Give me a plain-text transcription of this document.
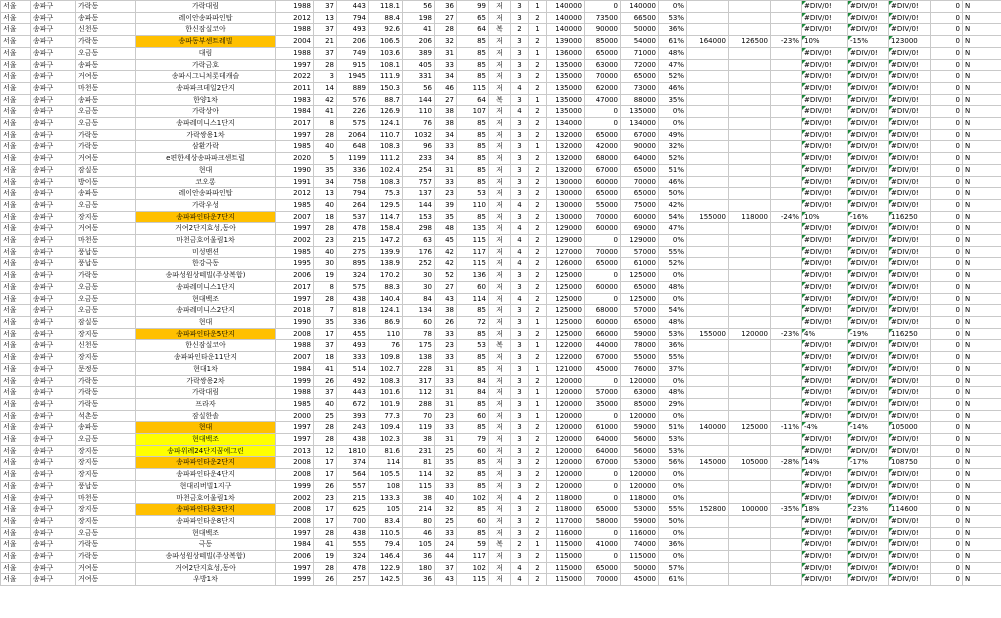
서울	송파구	가락동	가락대림	1988	37	443	118.1	56	36	99	저	3	1	140000	0	140000	0%				#DIV/0!	#DIV/0!	#DIV/0!	0	N
서울	송파구	송파동	레이안송파파인탑	2012	13	794	88.4	198	27	65	저	3	2	140000	73500	66500	53%				#DIV/0!	#DIV/0!	#DIV/0!	0	N
서울	송파구	신천동	한신잠실코아	1988	37	493	92.6	41	28	64	복	2	1	140000	90000	50000	36%				#DIV/0!	#DIV/0!	#DIV/0!	0	N
서울	송파구	가락동	송파동부센트레빌	2004	21	206	106.5	206	32	85	저	3	2	139000	85000	54000	61%	164000	126500	-23%	10%	-15%	123000	0	N
서울	송파구	오금동	대림	1988	37	749	103.6	389	31	85	저	3	1	136000	65000	71000	48%				#DIV/0!	#DIV/0!	#DIV/0!	0	N
서울	송파구	송파동	가락금호	1997	28	915	108.1	405	33	85	저	3	2	135000	63000	72000	47%				#DIV/0!	#DIV/0!	#DIV/0!	0	N
서울	송파구	거여동	송파시그니처롯데캐슬	2022	3	1945	111.9	331	34	85	저	3	2	135000	70000	65000	52%				#DIV/0!	#DIV/0!	#DIV/0!	0	N
서울	송파구	마천동	송파파크데일2단지	2011	14	889	150.3	56	46	115	저	4	2	135000	62000	73000	46%				#DIV/0!	#DIV/0!	#DIV/0!	0	N
서울	송파구	송파동	한양1차	1983	42	576	88.7	144	27	64	복	3	1	135000	47000	88000	35%				#DIV/0!	#DIV/0!	#DIV/0!	0	N
서울	송파구	오금동	가락상아	1984	41	226	126.9	110	38	107	저	4	2	135000	0	135000	0%				#DIV/0!	#DIV/0!	#DIV/0!	0	N
서울	송파구	오금동	송파레미니스1단지	2017	8	575	124.1	76	38	85	저	3	2	134000	0	134000	0%				#DIV/0!	#DIV/0!	#DIV/0!	0	N
서울	송파구	가락동	가락쌍용1차	1997	28	2064	110.7	1032	34	85	저	3	2	132000	65000	67000	49%				#DIV/0!	#DIV/0!	#DIV/0!	0	N
서울	송파구	가락동	삼환가락	1985	40	648	108.3	96	33	85	저	3	1	132000	42000	90000	32%				#DIV/0!	#DIV/0!	#DIV/0!	0	N
서울	송파구	거여동	e편한세상송파파크센트럴	2020	5	1199	111.2	233	34	85	저	3	2	132000	68000	64000	52%				#DIV/0!	#DIV/0!	#DIV/0!	0	N
서울	송파구	잠실동	현대	1990	35	336	102.4	254	31	85	저	3	2	132000	67000	65000	51%				#DIV/0!	#DIV/0!	#DIV/0!	0	N
서울	송파구	방이동	코오롱	1991	34	758	108.3	757	33	85	저	3	2	130000	60000	70000	46%				#DIV/0!	#DIV/0!	#DIV/0!	0	N
서울	송파구	송파동	레이안송파파인탑	2012	13	794	75.3	137	23	53	저	3	2	130000	65000	65000	50%				#DIV/0!	#DIV/0!	#DIV/0!	0	N
서울	송파구	오금동	가락우성	1985	40	264	129.5	144	39	110	저	4	2	130000	55000	75000	42%				#DIV/0!	#DIV/0!	#DIV/0!	0	N
서울	송파구	장지동	송파파인타운7단지	2007	18	537	114.7	153	35	85	저	3	2	130000	70000	60000	54%	155000	118000	-24%	10%	-16%	116250	0	N
서울	송파구	거여동	거여2단지효성,동아	1997	28	478	158.4	298	48	135	저	4	2	129000	60000	69000	47%				#DIV/0!	#DIV/0!	#DIV/0!	0	N
서울	송파구	마천동	마천금호어울림1차	2002	23	215	147.2	63	45	115	저	4	2	129000	0	129000	0%				#DIV/0!	#DIV/0!	#DIV/0!	0	N
서울	송파구	풍납동	미성맨션	1985	40	275	139.9	176	42	117	저	4	2	127000	70000	57000	55%				#DIV/0!	#DIV/0!	#DIV/0!	0	N
서울	송파구	풍납동	한강극동	1995	30	895	138.9	252	42	115	저	4	2	126000	65000	61000	52%				#DIV/0!	#DIV/0!	#DIV/0!	0	N
서울	송파구	가락동	송파성원상떼빌(주상복합)	2006	19	324	170.2	30	52	136	저	3	2	125000	0	125000	0%				#DIV/0!	#DIV/0!	#DIV/0!	0	N
서울	송파구	오금동	송파레미니스1단지	2017	8	575	88.3	30	27	60	저	3	2	125000	60000	65000	48%				#DIV/0!	#DIV/0!	#DIV/0!	0	N
서울	송파구	오금동	현대백조	1997	28	438	140.4	84	43	114	저	4	2	125000	0	125000	0%				#DIV/0!	#DIV/0!	#DIV/0!	0	N
서울	송파구	오금동	송파레미니스2단지	2018	7	818	124.1	134	38	85	저	3	2	125000	68000	57000	54%				#DIV/0!	#DIV/0!	#DIV/0!	0	N
서울	송파구	잠실동	현대	1990	35	336	86.9	60	26	72	저	3	1	125000	60000	65000	48%				#DIV/0!	#DIV/0!	#DIV/0!	0	N
서울	송파구	장지동	송파파인타운5단지	2008	17	455	110	78	33	85	저	3	2	125000	66000	59000	53%	155000	120000	-23%	4%	-19%	116250	0	N
서울	송파구	신천동	한신잠실코아	1988	37	493	76	175	23	53	복	3	1	122000	44000	78000	36%				#DIV/0!	#DIV/0!	#DIV/0!	0	N
서울	송파구	장지동	송파파인타운11단지	2007	18	333	109.8	138	33	85	저	3	2	122000	67000	55000	55%				#DIV/0!	#DIV/0!	#DIV/0!	0	N
서울	송파구	문정동	현대1차	1984	41	514	102.7	228	31	85	저	3	1	121000	45000	76000	37%				#DIV/0!	#DIV/0!	#DIV/0!	0	N
서울	송파구	가락동	가락쌍용2차	1999	26	492	108.3	317	33	84	저	3	2	120000	0	120000	0%				#DIV/0!	#DIV/0!	#DIV/0!	0	N
서울	송파구	가락동	가락대림	1988	37	443	101.6	112	31	84	저	3	1	120000	57000	63000	48%				#DIV/0!	#DIV/0!	#DIV/0!	0	N
서울	송파구	가락동	프라자	1985	40	672	101.9	288	31	85	저	3	1	120000	35000	85000	29%				#DIV/0!	#DIV/0!	#DIV/0!	0	N
서울	송파구	석촌동	잠실한솔	2000	25	393	77.3	70	23	60	저	3	1	120000	0	120000	0%				#DIV/0!	#DIV/0!	#DIV/0!	0	N
서울	송파구	송파동	현대	1997	28	243	109.4	119	33	85	저	3	2	120000	61000	59000	51%	140000	125000	-11%	-4%	-14%	105000	0	N
서울	송파구	오금동	현대백조	1997	28	438	102.3	38	31	79	저	3	2	120000	64000	56000	53%				#DIV/0!	#DIV/0!	#DIV/0!	0	N
서울	송파구	장지동	송파위례24단지꿈에그린	2013	12	1810	81.6	231	25	60	저	3	2	120000	64000	56000	53%				#DIV/0!	#DIV/0!	#DIV/0!	0	N
서울	송파구	장지동	송파파인타운2단지	2008	17	374	114	81	35	85	저	3	2	120000	67000	53000	56%	145000	105000	-28%	14%	-17%	108750	0	N
서울	송파구	장지동	송파파인타운4단지	2008	17	564	105.5	114	32	85	저	3	2	120000	0	120000	0%				#DIV/0!	#DIV/0!	#DIV/0!	0	N
서울	송파구	풍납동	현대리버빌1지구	1999	26	557	108	115	33	85	저	3	2	120000	0	120000	0%				#DIV/0!	#DIV/0!	#DIV/0!	0	N
서울	송파구	마천동	마천금호어울림1차	2002	23	215	133.3	38	40	102	저	4	2	118000	0	118000	0%				#DIV/0!	#DIV/0!	#DIV/0!	0	N
서울	송파구	장지동	송파파인타운3단지	2008	17	625	105	214	32	85	저	3	2	118000	65000	53000	55%	152800	100000	-35%	18%	-23%	114600	0	N
서울	송파구	장지동	송파파인타운8단지	2008	17	700	83.4	80	25	60	저	3	2	117000	58000	59000	50%				#DIV/0!	#DIV/0!	#DIV/0!	0	N
서울	송파구	오금동	현대백조	1997	28	438	110.5	46	33	85	저	3	2	116000	0	116000	0%				#DIV/0!	#DIV/0!	#DIV/0!	0	N
서울	송파구	가락동	극동	1984	41	555	79.4	105	24	59	복	2	1	115000	41000	74000	36%				#DIV/0!	#DIV/0!	#DIV/0!	0	N
서울	송파구	가락동	송파성원상떼빌(주상복합)	2006	19	324	146.4	36	44	117	저	3	2	115000	0	115000	0%				#DIV/0!	#DIV/0!	#DIV/0!	0	N
서울	송파구	거여동	거여2단지효성,동아	1997	28	478	122.9	180	37	102	저	4	2	115000	65000	50000	57%				#DIV/0!	#DIV/0!	#DIV/0!	0	N
서울	송파구	거여동	우방1차	1999	26	257	142.5	36	43	115	저	4	2	115000	70000	45000	61%				#DIV/0!	#DIV/0!	#DIV/0!	0	N
